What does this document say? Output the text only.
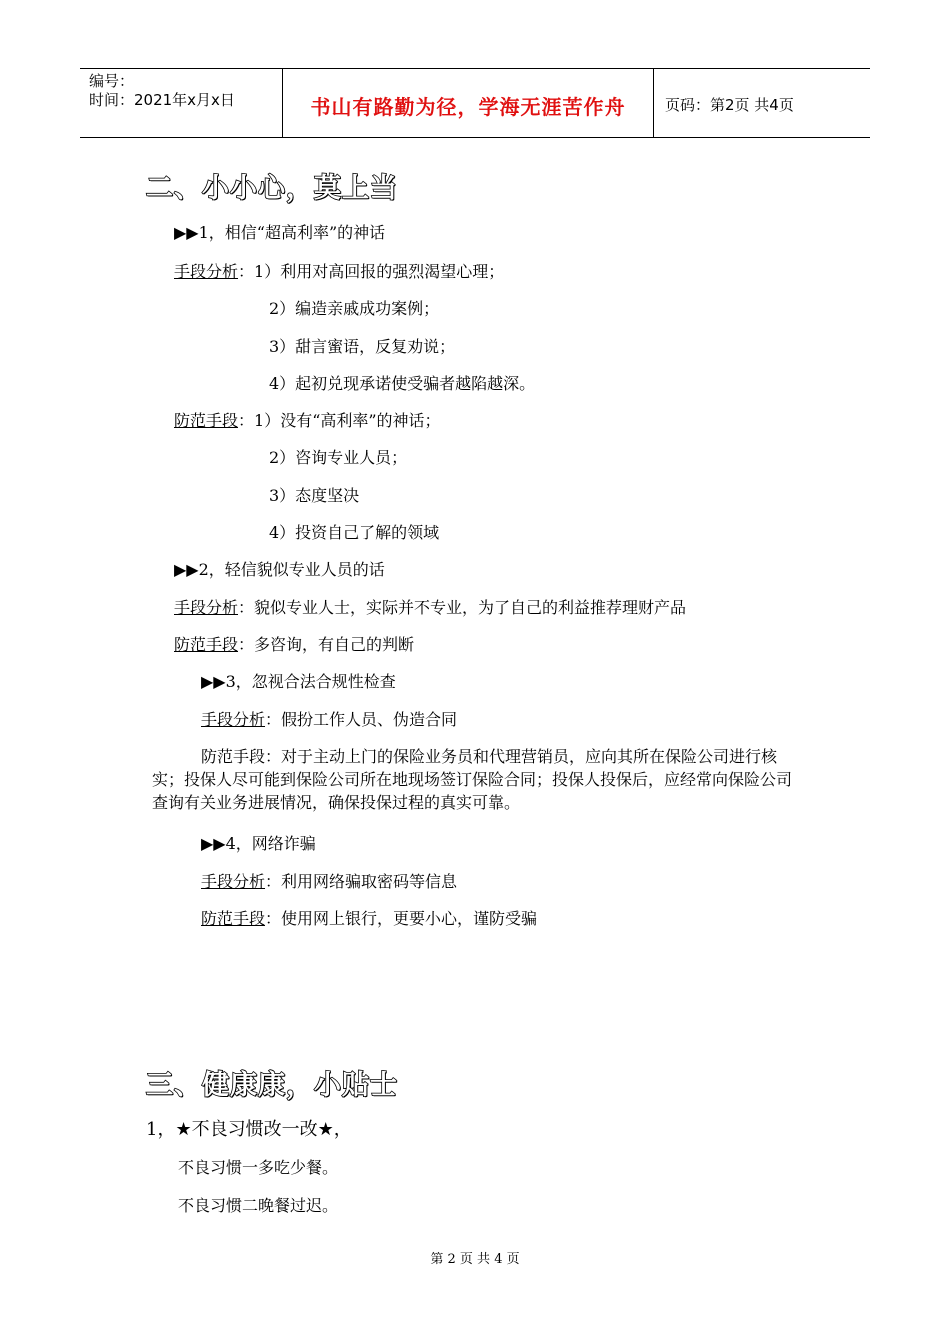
编号：
时间：2021年x月x日	书山有路勤为径，学海无涯苦作舟	页码：第2页 共4页
二、小小心，莫上当
▶▶1，相信“超高利率”的神话
手段分析：1）利用对高回报的强烈渴望心理；
2）编造亲戚成功案例；
3）甜言蜜语，反复劝说；
4）起初兑现承诺使受骗者越陷越深。
防范手段：1）没有“高利率”的神话；
2）咨询专业人员；
3）态度坚决
4）投资自己了解的领域
▶▶2，轻信貌似专业人员的话
手段分析：貌似专业人士，实际并不专业，为了自己的利益推荐理财产品
防范手段：多咨询，有自己的判断
▶▶3，忽视合法合规性检查
手段分析：假扮工作人员、伪造合同
防范手段：对于主动上门的保险业务员和代理营销员，应向其所在保险公司进行核实；投保人尽可能到保险公司所在地现场签订保险合同；投保人投保后，应经常向保险公司查询有关业务进展情况，确保投保过程的真实可靠。
▶▶4，网络诈骗
手段分析：利用网络骗取密码等信息
防范手段：使用网上银行，更要小心，谨防受骗
三、健康康，小贴士
1，★不良习惯改一改★，
不良习惯一多吃少餐。
不良习惯二晚餐过迟。
第 2 页 共 4 页
